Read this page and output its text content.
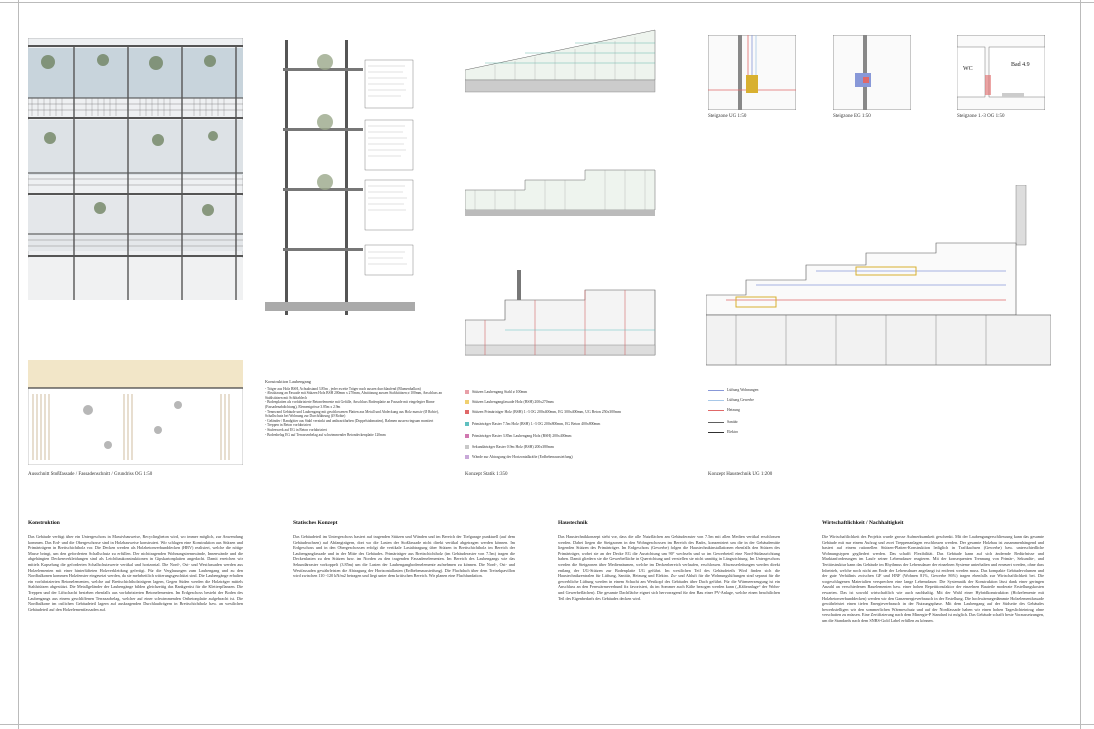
Ausschnitt Stoßfassade / Fassadenschnitt / Grundriss OG 1:50
Konstruktion Laubengang
- Träger aus Holz BSH, Achsabstand 3.85m , jeder zweite Träger nach aussen durchlaufend (Blumenbalkon)
- Abstützung an Fassade mit Stützen Holz BSH 200mm x 270mm, Abstützung aussen Stahlstützen ø 100mm, Anschluss an Stahlstützen mit Schlitzblech
- Bodenplatten als vorfabrizierte Betonelemente mit Gefälle, Anschluss Bodenplatte an Fassade mit eingelegter Rinne (Fassadenabdichtung), Elementgrösse 3.85m x 2.9m
- Tennwand Gebäude und Laubengang mit geschlossenen Platten aus Metall und Abdeckung aus Holz massiv (Ø Robie), Schallschutz bei Wohnung zur Durchführung (Ø Robie)
- Geländer / Randgitter aus Stahl verzinkt und anthrazitfarben (Doppelstabmatten), Rahmen aussen ringsum montiert
- Treppen in Beton vorfabriziert
- Stufenwerk auf EG in Beton vorfabriziert
- Bodenbelag EG auf Terrassenbelag auf schwimmender Betondeckenplatte 120mm
Stützen Laubengang Stahl ø 100mm
Stützen Laubengangfassade Holz (BSH) 200x270mm
Stützen Primärträger Holz (BSH) 1.-3 OG 200x400mm, EG 300x400mm, UG Beton 250x300mm
Primärträger Raster 7.5m Holz (BSH) 1.-3 OG 200x800mm, EG Beton 400x800mm
Primärträger Raster 3.85m Laubengang Holz (BSH) 200x400mm
Sekundärträger Raster 0.9m Holz (BSH) 200x380mm
Wände zur Abtragung der Horizontalkräfte (Erdbebenaussteifung)
Konzept Statik 1:350
WC
Bad 4.9
Steigzone UG 1:50	Steigzone EG 1:50	Steigzone 1.-3 OG 1:50
Lüftung Wohnungen
Lüftung Gewerbe
Heizung
Sanitär
Elektro
Konzept Haustechnik UG 1:200
Konstruktion
Das Gebäude verfügt über ein Untergeschoss in Massivbauweise, Recyclingbeton wird, wo immer möglich, zur Anwendung kommen. Das Erd- und die Obergeschosse sind in Holzbauweise konstruiert. Wir schlagen eine Konstruktion aus Stützen und Primärträgern in Brettschichtholz vor. Die Decken werden als Holzbetonverbunddecken (HBV) realisiert, welche die nötige Masse bringt, um den geforderten Schallschutz zu erfüllen. Der nichttragenden Wohnungstrennwände, Innenwände und die abgehängten Deckenverkleidungen sind als Leichtbaukonstruktionen in Gipskartonplatten angedacht. Damit erreichen wir mittels Kapselung die geforderten Schallschutzwerte vertikal und horizontal. Die Nord-, Ost- und Westfassaden werden aus Holzelementen mit einer hinterlüfteten Holzverkleidung gefertigt. Für die Verglasungen zum Laubengang und zu den Nordbalkonen kommen Holzfenster eingesetzt werden, da sie mehrheitlich witterungsgeschützt sind. Die Laubengänge erhalten ein vorfabrizierten Betonelementen, welche auf Brettschichtholzträgern lagern, Gegen Süden werden die Holzträger mittels Stahlstützen abgestützt. Die Metallgeländer der Laubengänge bilden gleichzeitig das Rankgerüst für die Kletterpflanzen. Die Treppen und der Liftschacht bestehen ebenfalls aus vorfabrizierten Betonelementen. Im Erdgeschoss besteht der Boden des Laubengangs aus einem geschliffenen Terrazzobelag, welcher auf einer schwimmenden Ortbetonplatte aufgebracht ist. Die Nordbalkone im ostlichen Gebäudeteil lagern auf auskragenden Durchlaufträgern in Brettschichtholz bzw. an westlichen Gebäudeteil auf den Holzelementfassaden auf.
Statisches Konzept
Das Gebäudeteil im Untergeschoss basiert auf tragenden Stützen und Wänden und im Bereich der Tiefgarage punktuell (auf dem Gebäudeachsen) auf Abfangträgern, dort wo die Lasten der Stoßfassade nicht direkt vertikal abgetragen werden können. Im Erdgeschoss und in den Obergeschossen erfolgt die vertikale Lastabtragung über Stützen in Brettschichtholz im Bereich der Laubengangfassade und in der Mitte des Gebäudes. Primärträger aus Brettschichtholz (im Gebäuderaster von 7.5m) tragen die Deckenlasten zu den Stützen bzw. im Norden zu den tragenden Fassadenelementen. Im Bereich des Laubengangs wie das Sekundärraster vorkoppelt (3.85m) um die Lasten der Laubengangbodenelemente aufnehmen zu können. Die Nord-, Ost- und Westfassaden gewährleisten die Abtragung der Horizontallasten (Erdbebenaussteifung). Die Flachdach über dem Treisekpavillon wird zwischen 110 -120 kN/m2 betragen und liegt unter dem kritischen Bereich. Wir planen eine Flachfundation.
Haustechnik
Das Haustechnikkonzept sieht vor, dass die alle Nutzflächen am Gebäuderaster von 7.5m mit allen Medien vertikal erschlossen werden. Dabei liegen die Steigzonen in den Wohngeschossen im Bereich des Badrs, konzentriert um die in der Gebäudemitte liegenden Stützen des Primärträger. Im Erdgeschoss (Gewerbe) folgen die Haustechnikinstallationen ebenfalls den Stützen des Primärträger, wobei sie an der Decke EG die Ausrichtung um 90° wechseln und so im Gewerbeteil eine Nord-Südausrichtung haben. Damit gliedern sie die Gewerbefläche in Querrichtung und verstellen sie nicht unnötig in Längsrichtung. Im Untergeschoss werden die Steigzonen über Medienräumen, welche im Deckenbereich verlaufen, erschlossen. Abwasserleitungen werden direkt entlang der UG-Stützen zur Bodenplatte UG geführt. Im westlichen Teil des Gebäudeteils Wird finden sich die Haustechnikzentralen für Lüftung, Sanitär, Heizung und Elektro. Zu- und Abluft für die Wohnungslüftungen sind separat für die gewerbliche Lüftung werden in einem Schacht am Westkopf des Gebäudes über Dach geführt. Für die Wärmeerzeugung ist ein Anschluss an den Fernwärmeverbund fix favorisiert, da im Sommer auch Kälte bezogen werden kann („Kälteanlage“ der Wohn- und Gewerbeflächen). Die gesamte Dachfläche eignet sich hervorragend für den Bau einer PV-Anlage, welche einen beachtlichen Teil des Eigenbedarfs des Gebäudes decken wird.
Wirtschaftlichkeit / Nachhaltigkeit
Die Wirtschaftlichkeit des Projekts wurde grosse Aufmerksamkeit geschenkt. Mit der Laubengangerschliessung kann das gesamte Gebäude mit nur einem Aufzug und zwei Treppenanlagen erschlossen werden. Der gesamte Holzbau ist zusammenhängend und basiert auf einem rationellen Stützen-Platten-Konstruktion lediglich in Trafikachsen (Gewerbe) bzw. unterschiedliche Wohnungstypen gegliedert werden. Das schafft Flexibilität. Das Gebäude kann auf sich ändernde Bedürfnisse und Marktanforderungen im Laufe seiner Lebensdauer reagieren. Mit der konsequenten Trennung von Primär-, Sekundär-, und Tertiärstruktur kann das Gebäude im Rhythmus der Lebensdauer der einzelnen Systeme unterhalten und erneuert werden, ohne dass Inbetrieb, welche noch nicht am Ende der Lebensdauer angelangt ist entfernt werden muss. Das kompakte Gebäudevolumen und der gute Verhältnis zwischen GF und HNF (Wohnen 81%, Gewerbe 86%) tragen ebenfalls zur Wirtschaftlichkeit bei. Die wogeschlagenen Materialien versprechen eine lange Lebensdauer. Die Systematik der Konstruktion lässt dank einer geringen Anzahl an verschiedenen Bauelementen bzw. einer hohen Repetitionsfaktor der einzelnen Bauteile moderate Erstellungskosten erwarten. Das ist sowohl wirtschaftlich wie auch nachhaltig. Mit der Wahl einer Hybridkonstruktion (Holzelemente mit Holzbetonverbunddecken) werden wir den Ganzenergieverbrauch in der Erstellung. Die hochwärmegedämmte Holzelementfassade gewährleistet einen tiefen Energieverbrauch in der Nutzungsphase. Mit dem Laubengang auf der Südseite des Gebäudes bewerkstelligen wir den sommerlichen Wärmeschutz und auf der Nordfassade haben wir einen hohen Tageslichteintrag ohne verschatten zu müssen. Eine Zertifizierung nach dem Minergie-P Standard ist möglich. Das Gebäude schafft beste Voraussetzungen, um die Standards nach dem SNBS-Gold Label erfüllen zu können.
